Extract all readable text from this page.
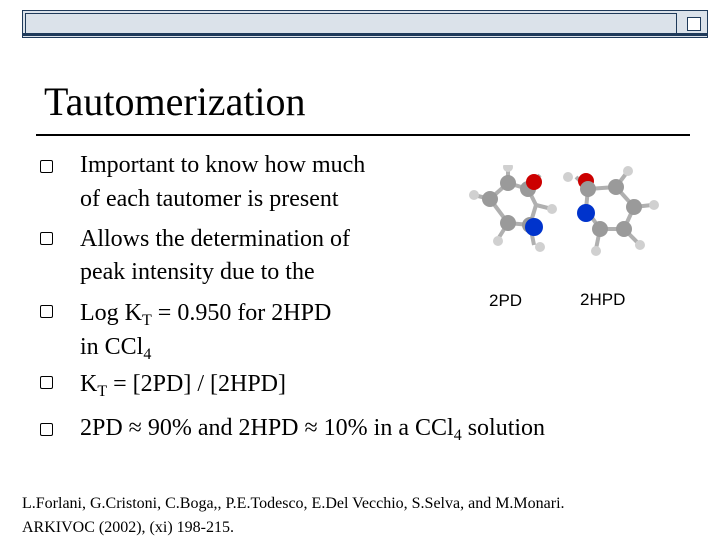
Tautomerization
Important to know how much
of each tautomer is present
Allows the determination of
peak intensity due to the
Log $K_T = 0.950$ for 2HPD
in CCl$_4$
$K_T = [2PD] / [2HPD]$
2PD ≈ 90% and 2HPD ≈ 10% in a CCl$_4$ solution
2PD	2HPD
L.Forlani, G.Cristoni, C.Boga,, P.E.Todesco, E.Del Vecchio, S.Selva, and M.Monari.
ARKIVOC (2002), (xi) 198-215.
